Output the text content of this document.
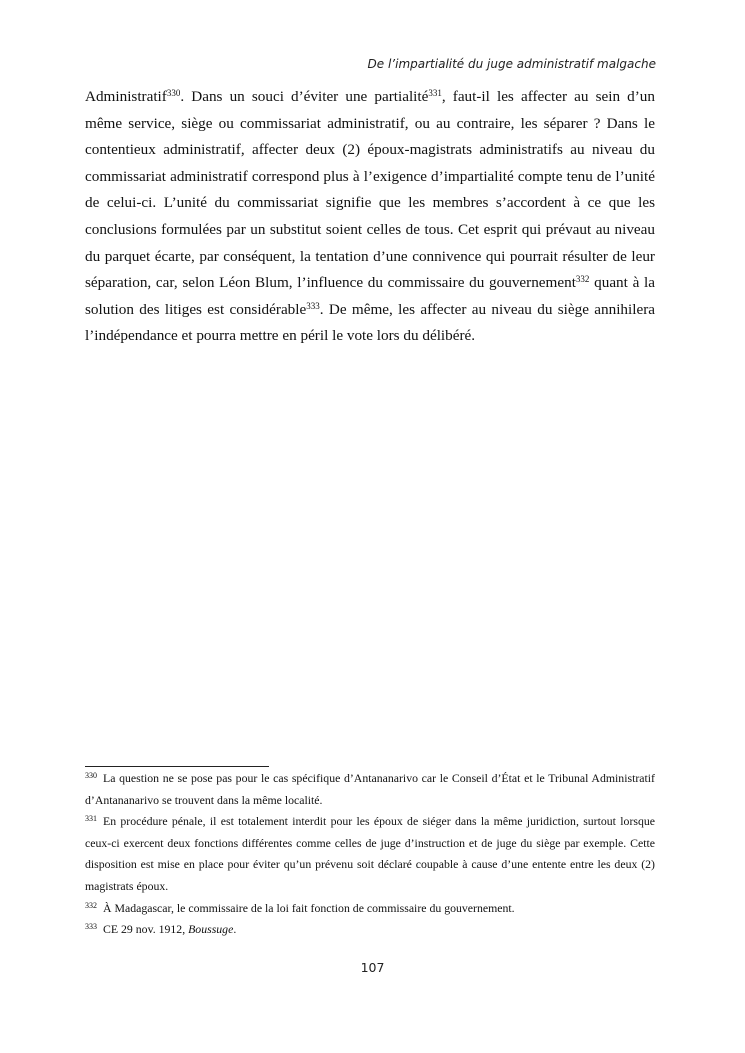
De l’impartialité du juge administratif malgache

Administratif$^{330}$. Dans un souci d’éviter une partialité$^{331}$, faut-il les affecter au sein d’un même service, siège ou commissariat administratif, ou au contraire, les séparer ? Dans le contentieux administratif, affecter deux (2) époux-magistrats administratifs au niveau du commissariat administratif correspond plus à l’exigence d’impartialité compte tenu de l’unité de celui-ci. L’unité du commissariat signifie que les membres s’accordent à ce que les conclusions formulées par un substitut soient celles de tous. Cet esprit qui prévaut au niveau du parquet écarte, par conséquent, la tentation d’une connivence qui pourrait résulter de leur séparation, car, selon Léon Blum, l’influence du commissaire du gouvernement$^{332}$ quant à la solution des litiges est considérable$^{333}$. De même, les affecter au niveau du siège annihilera l’indépendance et pourra mettre en péril le vote lors du délibéré.

$^{330}$ La question ne se pose pas pour le cas spécifique d’Antananarivo car le Conseil d’État et le Tribunal Administratif d’Antananarivo se trouvent dans la même localité.

$^{331}$ En procédure pénale, il est totalement interdit pour les époux de siéger dans la même juridiction, surtout lorsque ceux-ci exercent deux fonctions différentes comme celles de juge d’instruction et de juge du siège par exemple. Cette disposition est mise en place pour éviter qu’un prévenu soit déclaré coupable à cause d’une entente entre les deux (2) magistrats époux.

$^{332}$ À Madagascar, le commissaire de la loi fait fonction de commissaire du gouvernement.

$^{333}$ CE 29 nov. 1912, Boussuge.

107
